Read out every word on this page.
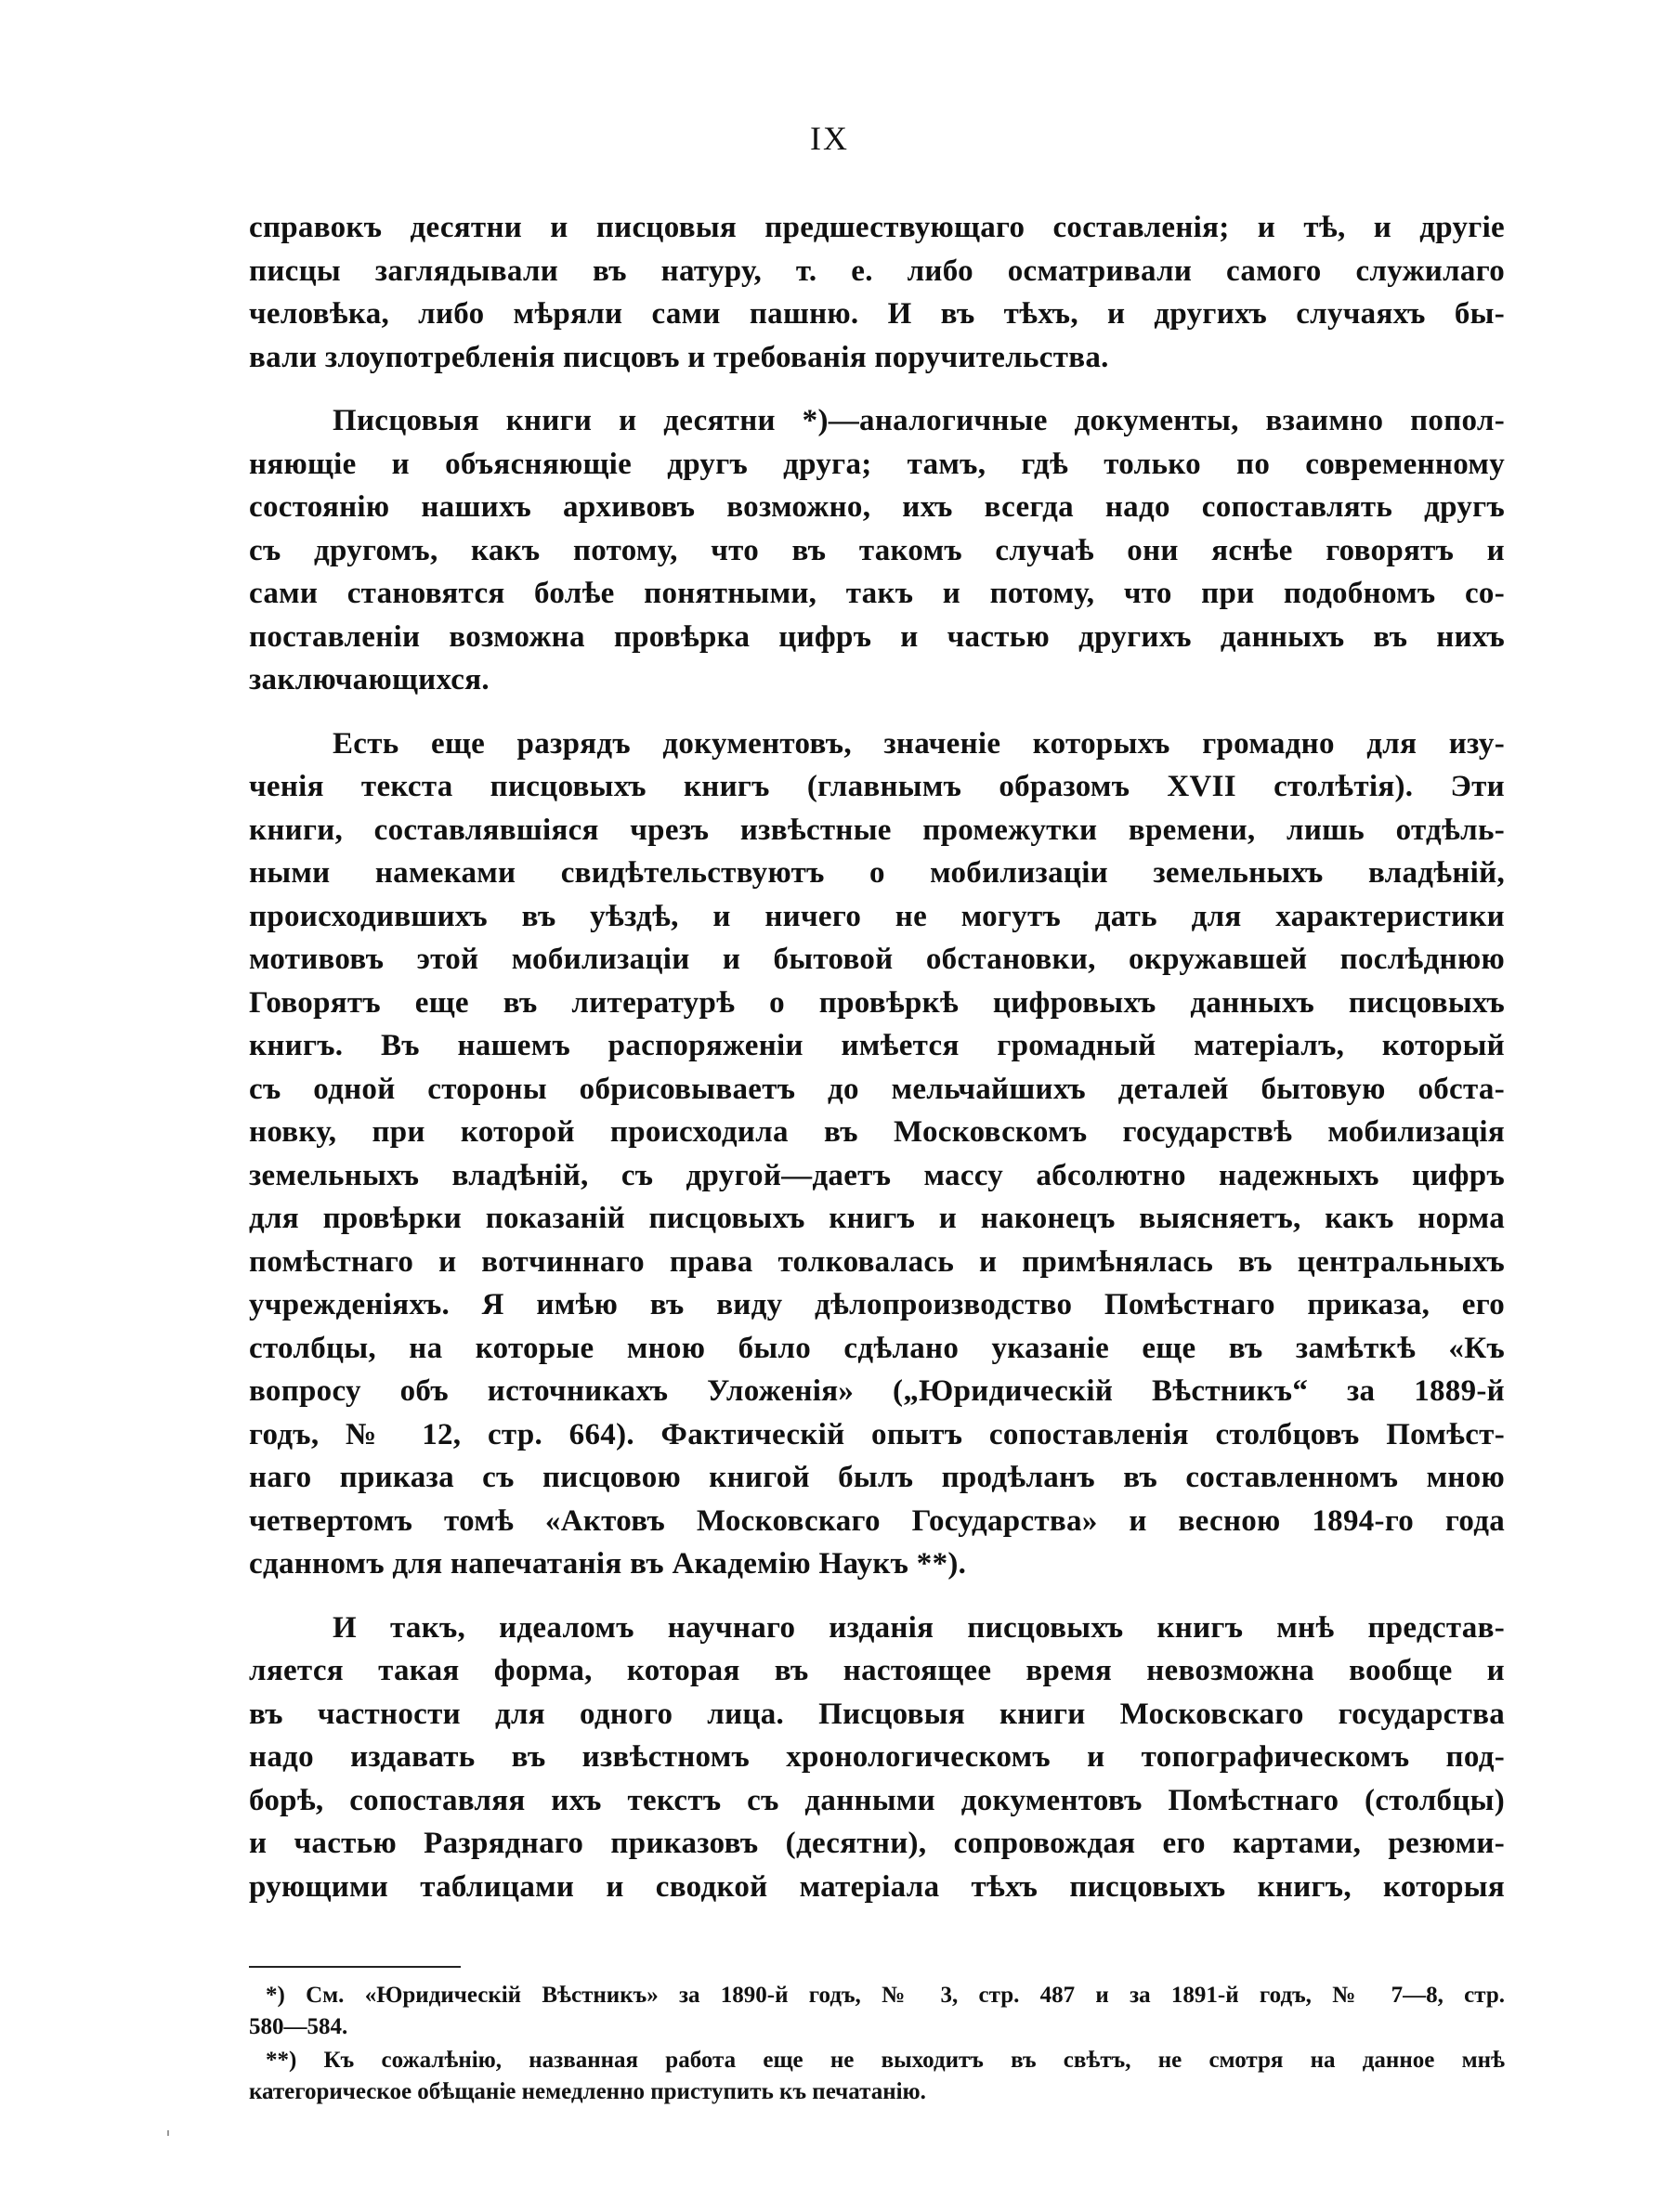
IX

справокъ десятни и писцовыя предшествующаго составленія; и тѣ, и другіе
писцы заглядывали въ натуру, т. е. либо осматривали самого служилаго
человѣка, либо мѣряли сами пашню. И въ тѣхъ, и другихъ случаяхъ бы-
вали злоупотребленія писцовъ и требованія поручительства.

Писцовыя книги и десятни *)—аналогичные документы, взаимно попол-
няющіе и объясняющіе другъ друга; тамъ, гдѣ только по современному
состоянію нашихъ архивовъ возможно, ихъ всегда надо сопоставлять другъ
съ другомъ, какъ потому, что въ такомъ случаѣ они яснѣе говорятъ и
сами становятся болѣе понятными, такъ и потому, что при подобномъ со-
поставленіи возможна провѣрка цифръ и частью другихъ данныхъ въ нихъ
заключающихся.

Есть еще разрядъ документовъ, значеніе которыхъ громадно для изу-
ченія текста писцовыхъ книгъ (главнымъ образомъ XVII столѣтія). Эти
книги, составлявшіяся чрезъ извѣстные промежутки времени, лишь отдѣль-
ными намеками свидѣтельствуютъ о мобилизаціи земельныхъ владѣній,
происходившихъ въ уѣздѣ, и ничего не могутъ дать для характеристики
мотивовъ этой мобилизаціи и бытовой обстановки, окружавшей послѣднюю
Говорятъ еще въ литературѣ о провѣркѣ цифровыхъ данныхъ писцовыхъ
книгъ. Въ нашемъ распоряженіи имѣется громадный матеріалъ, который
съ одной стороны обрисовываетъ до мельчайшихъ деталей бытовую обста-
новку, при которой происходила въ Московскомъ государствѣ мобилизація
земельныхъ владѣній, съ другой—даетъ массу абсолютно надежныхъ цифръ
для провѣрки показаній писцовыхъ книгъ и наконецъ выясняетъ, какъ норма
помѣстнаго и вотчиннаго права толковалась и примѣнялась въ центральныхъ
учрежденіяхъ. Я имѣю въ виду дѣлопроизводство Помѣстнаго приказа, его
столбцы, на которые мною было сдѣлано указаніе еще въ замѣткѣ «Къ
вопросу объ источникахъ Уложенія» („Юридическій Вѣстникъ“ за 1889-й
годъ, № 12, стр. 664). Фактическій опытъ сопоставленія столбцовъ Помѣст-
наго приказа съ писцовою книгой былъ продѣланъ въ составленномъ мною
четвертомъ томѣ «Актовъ Московскаго Государства» и весною 1894-го года
сданномъ для напечатанія въ Академію Наукъ **).

И такъ, идеаломъ научнаго изданія писцовыхъ книгъ мнѣ представ-
ляется такая форма, которая въ настоящее время невозможна вообще и
въ частности для одного лица. Писцовыя книги Московскаго государства
надо издавать въ извѣстномъ хронологическомъ и топографическомъ под-
борѣ, сопоставляя ихъ текстъ съ данными документовъ Помѣстнаго (столбцы)
и частью Разряднаго приказовъ (десятни), сопровождая его картами, резюми-
рующими таблицами и сводкой матеріала тѣхъ писцовыхъ книгъ, которыя

*) См. «Юридическій Вѣстникъ» за 1890-й годъ, № 3, стр. 487 и за 1891-й годъ, № 7—8, стр.
580—584.

**) Къ сожалѣнію, названная работа еще не выходитъ въ свѣтъ, не смотря на данное мнѣ
категорическое обѣщаніе немедленно приступить къ печатанію.
